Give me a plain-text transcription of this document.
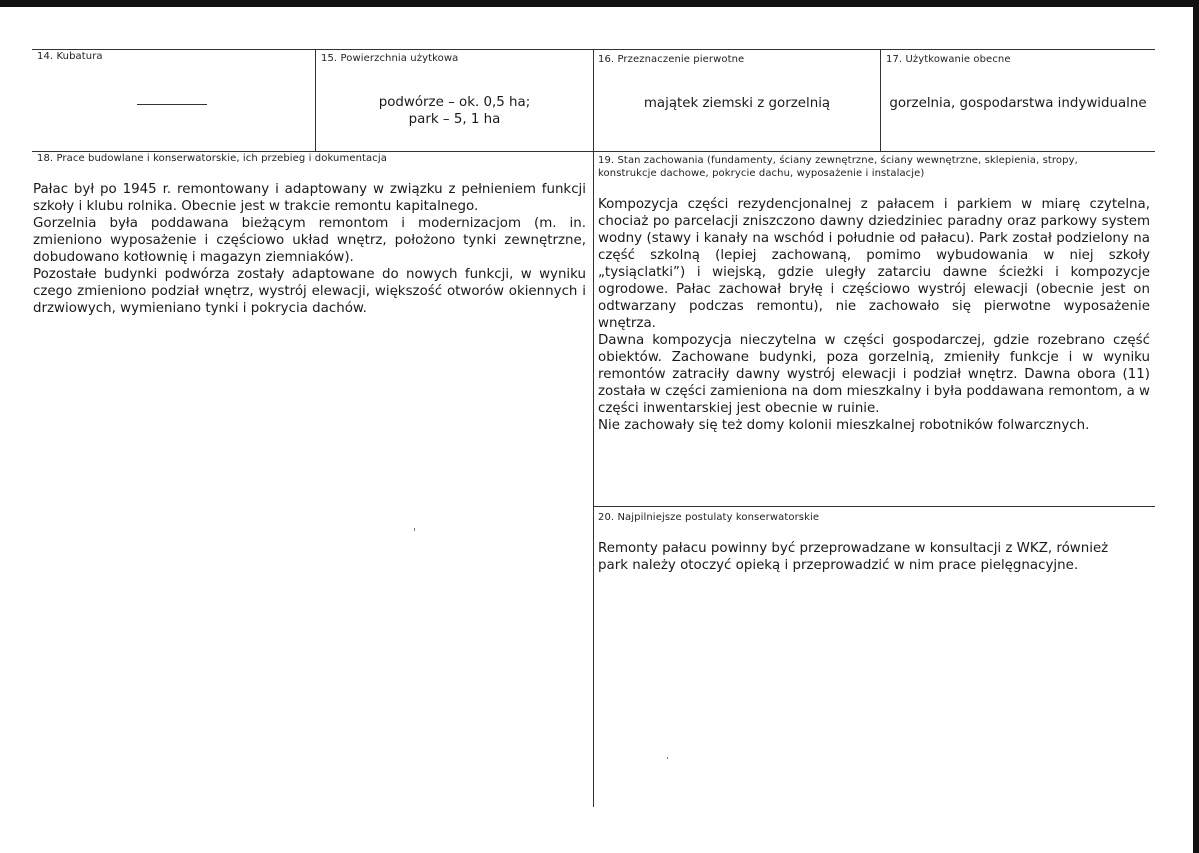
14. Kubatura	15. Powierzchnia użytkowa
podwórze – ok. 0,5 ha;
park – 5, 1 ha
16. Przeznaczenie pierwotne
majątek ziemski z gorzelnią
17. Użytkowanie obecne
gorzelnia, gospodarstwa indywidualne
18. Prace budowlane i konserwatorskie, ich przebieg i dokumentacja

Pałac był po 1945 r. remontowany i adaptowany w związku z pełnieniem funkcji szkoły i klubu rolnika. Obecnie jest w trakcie remontu kapitalnego.

Gorzelnia była poddawana bieżącym remontom i modernizacjom (m. in. zmieniono wyposażenie i częściowo układ wnętrz, położono tynki zewnętrzne, dobudowano kotłownię i magazyn ziemniaków).

Pozostałe budynki podwórza zostały adaptowane do nowych funkcji, w wyniku czego zmieniono podział wnętrz, wystrój elewacji, większość otworów okiennych i drzwiowych, wymieniano tynki i pokrycia dachów.

19. Stan zachowania (fundamenty, ściany zewnętrzne, ściany wewnętrzne, sklepienia, stropy,
konstrukcje dachowe, pokrycie dachu, wyposażenie i instalacje)

Kompozycja części rezydencjonalnej z pałacem i parkiem w miarę czytelna, chociaż po parcelacji zniszczono dawny dziedziniec paradny oraz parkowy system wodny (stawy i kanały na wschód i południe od pałacu). Park został podzielony na część szkolną (lepiej zachowaną, pomimo wybudowania w niej szkoły „tysiąclatki”) i wiejską, gdzie uległy zatarciu dawne ścieżki i kompozycje ogrodowe. Pałac zachował bryłę i częściowo wystrój elewacji (obecnie jest on odtwarzany podczas remontu), nie zachowało się pierwotne wyposażenie wnętrza.

Dawna kompozycja nieczytelna w części gospodarczej, gdzie rozebrano część obiektów. Zachowane budynki, poza gorzelnią, zmieniły funkcje i w wyniku remontów zatraciły dawny wystrój elewacji i podział wnętrz. Dawna obora (11) została w części zamieniona na dom mieszkalny i była poddawana remontom, a w części inwentarskiej jest obecnie w ruinie.

Nie zachowały się też domy kolonii mieszkalnej robotników folwarcznych.

20. Najpilniejsze postulaty konserwatorskie

Remonty pałacu powinny być przeprowadzane w konsultacji z WKZ, również park należy otoczyć opieką i przeprowadzić w nim prace pielęgnacyjne.
